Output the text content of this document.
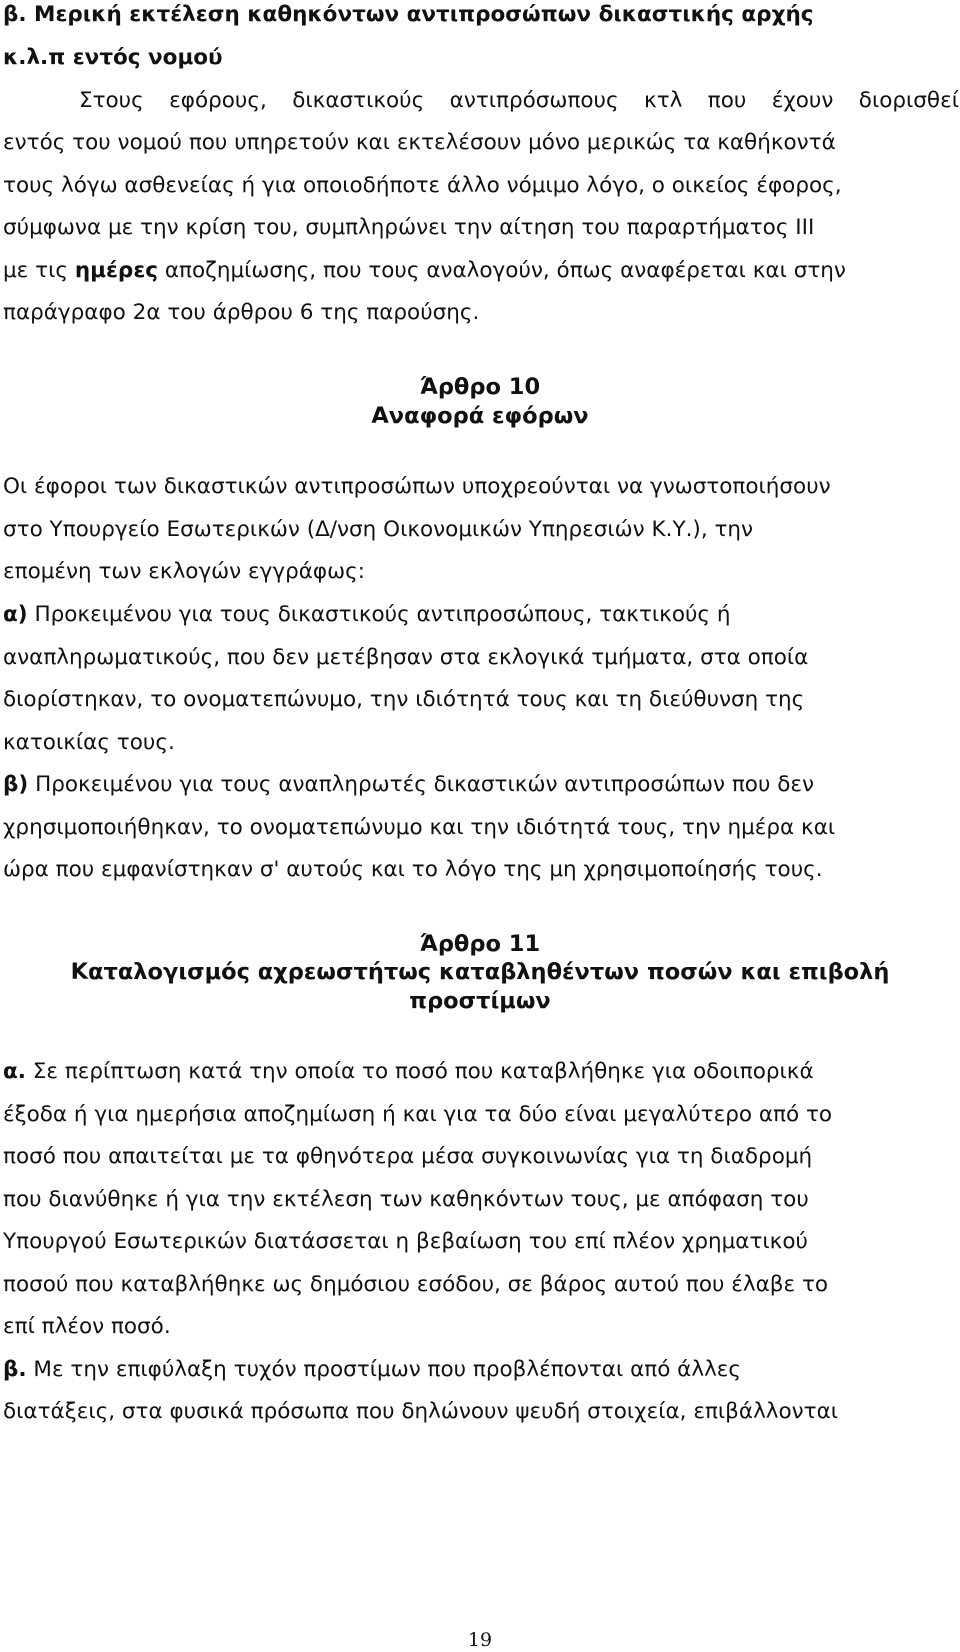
β. Μερική εκτέλεση καθηκόντων αντιπροσώπων δικαστικής αρχής
κ.λ.π εντός νομού
Στους εφόρους, δικαστικούς αντιπρόσωπους κτλ που έχουν διορισθεί
εντός του νομού που υπηρετούν και εκτελέσουν μόνο μερικώς τα καθήκοντά
τους λόγω ασθενείας ή για οποιοδήποτε άλλο νόμιμο λόγο, ο οικείος έφορος,
σύμφωνα με την κρίση του, συμπληρώνει την αίτηση του παραρτήματος ΙΙΙ
με τις ημέρες αποζημίωσης, που τους αναλογούν, όπως αναφέρεται και στην
παράγραφο 2α του άρθρου 6 της παρούσης.
Άρθρο 10
Αναφορά εφόρων
Οι έφοροι των δικαστικών αντιπροσώπων υποχρεούνται να γνωστοποιήσουν
στο Υπουργείο Εσωτερικών (Δ/νση Οικονομικών Υπηρεσιών Κ.Υ.), την
επομένη των εκλογών εγγράφως:
α) Προκειμένου για τους δικαστικούς αντιπροσώπους, τακτικούς ή
αναπληρωματικούς, που δεν μετέβησαν στα εκλογικά τμήματα, στα οποία
διορίστηκαν, το ονοματεπώνυμο, την ιδιότητά τους και τη διεύθυνση της
κατοικίας τους.
β) Προκειμένου για τους αναπληρωτές δικαστικών αντιπροσώπων που δεν
χρησιμοποιήθηκαν, το ονοματεπώνυμο και την ιδιότητά τους, την ημέρα και
ώρα που εμφανίστηκαν σ' αυτούς και το λόγο της μη χρησιμοποίησής τους.
Άρθρο 11
Καταλογισμός αχρεωστήτως καταβληθέντων ποσών και επιβολή
προστίμων
α. Σε περίπτωση κατά την οποία το ποσό που καταβλήθηκε για οδοιπορικά
έξοδα ή για ημερήσια αποζημίωση ή και για τα δύο είναι μεγαλύτερο από το
ποσό που απαιτείται με τα φθηνότερα μέσα συγκοινωνίας για τη διαδρομή
που διανύθηκε ή για την εκτέλεση των καθηκόντων τους, με απόφαση του
Υπουργού Εσωτερικών διατάσσεται η βεβαίωση του επί πλέον χρηματικού
ποσού που καταβλήθηκε ως δημόσιου εσόδου, σε βάρος αυτού που έλαβε το
επί πλέον ποσό.
β. Με την επιφύλαξη τυχόν προστίμων που προβλέπονται από άλλες
διατάξεις, στα φυσικά πρόσωπα που δηλώνουν ψευδή στοιχεία, επιβάλλονται
19
